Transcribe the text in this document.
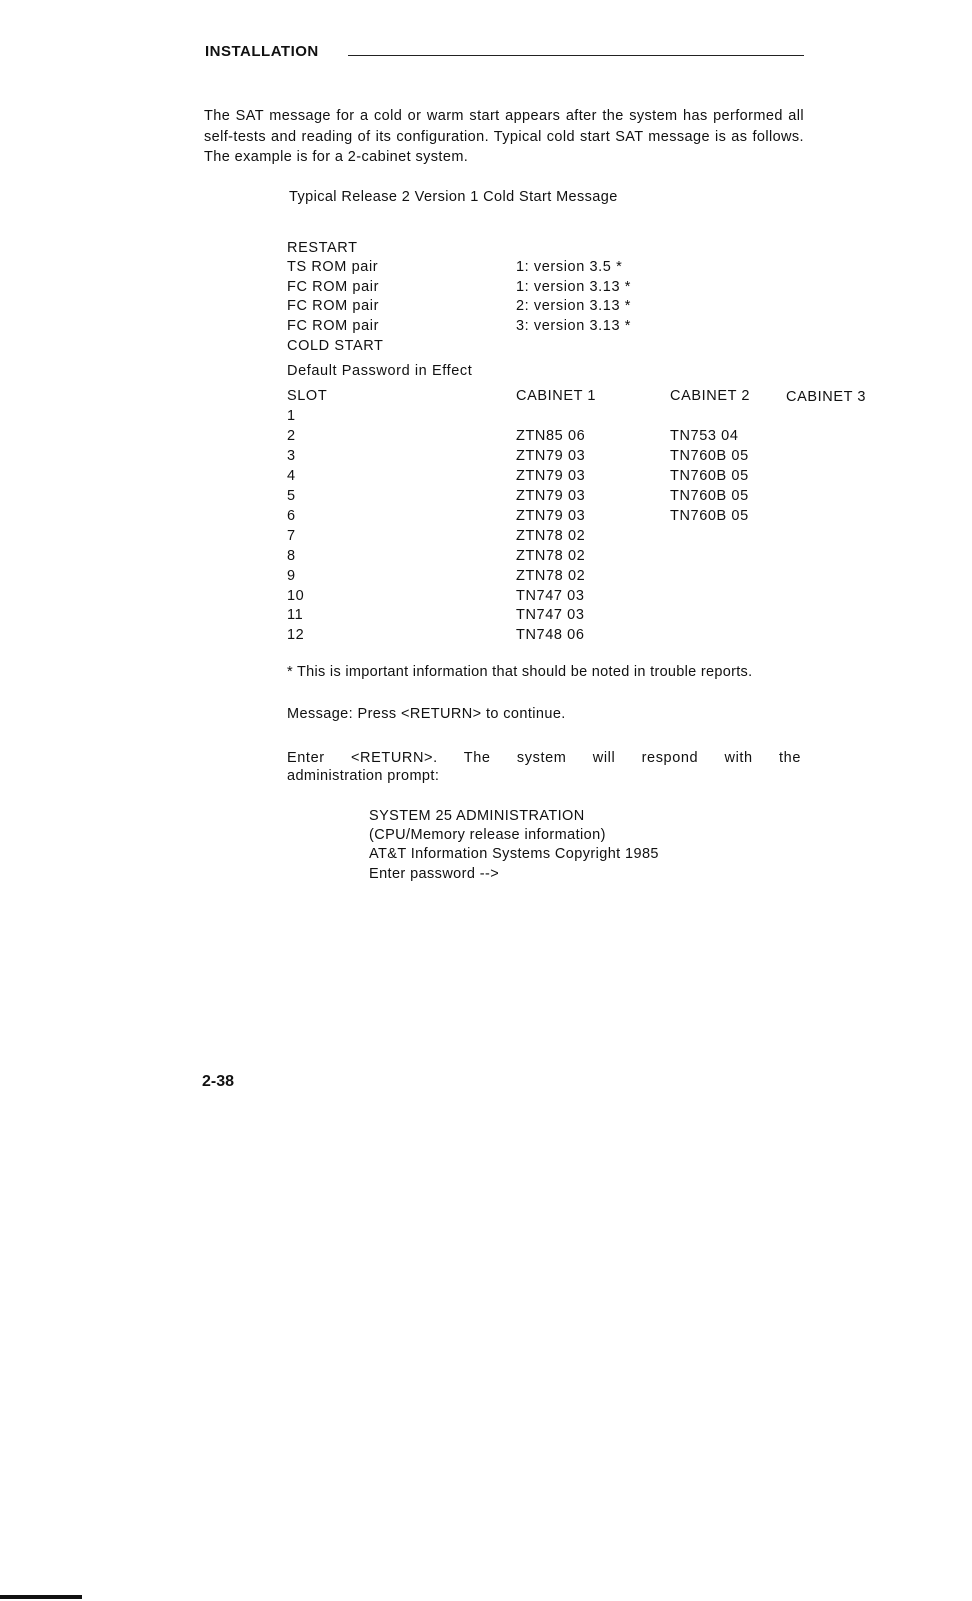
INSTALLATION
The SAT message for a cold or warm start appears after the system has performed all self-tests and reading of its configuration. Typical cold start SAT message is as follows. The example is for a 2-cabinet system.
Typical Release 2 Version 1 Cold Start Message
RESTART
TS ROM pair	1: version 3.5 *
FC ROM pair	1: version 3.13 *
FC ROM pair	2: version 3.13 *
FC ROM pair	3: version 3.13 *
COLD START
Default Password in Effect
SLOT	CABINET 1	CABINET 2 CABINET 3
1
2	ZTN85 06	TN753 04
3	ZTN79 03	TN760B 05
4	ZTN79 03	TN760B 05
5	ZTN79 03	TN760B 05
6	ZTN79 03	TN760B 05
7	ZTN78 02
8	ZTN78 02
9	ZTN78 02
10	TN747 03
11	TN747 03
12	TN748 06
* This is important information that should be noted in trouble reports.
Message: Press <RETURN> to continue.
Enter <RETURN>. The system will respond with the
administration prompt:
SYSTEM 25 ADMINISTRATION
(CPU/Memory release information)
AT&T Information Systems Copyright 1985
Enter password -->
2-38
